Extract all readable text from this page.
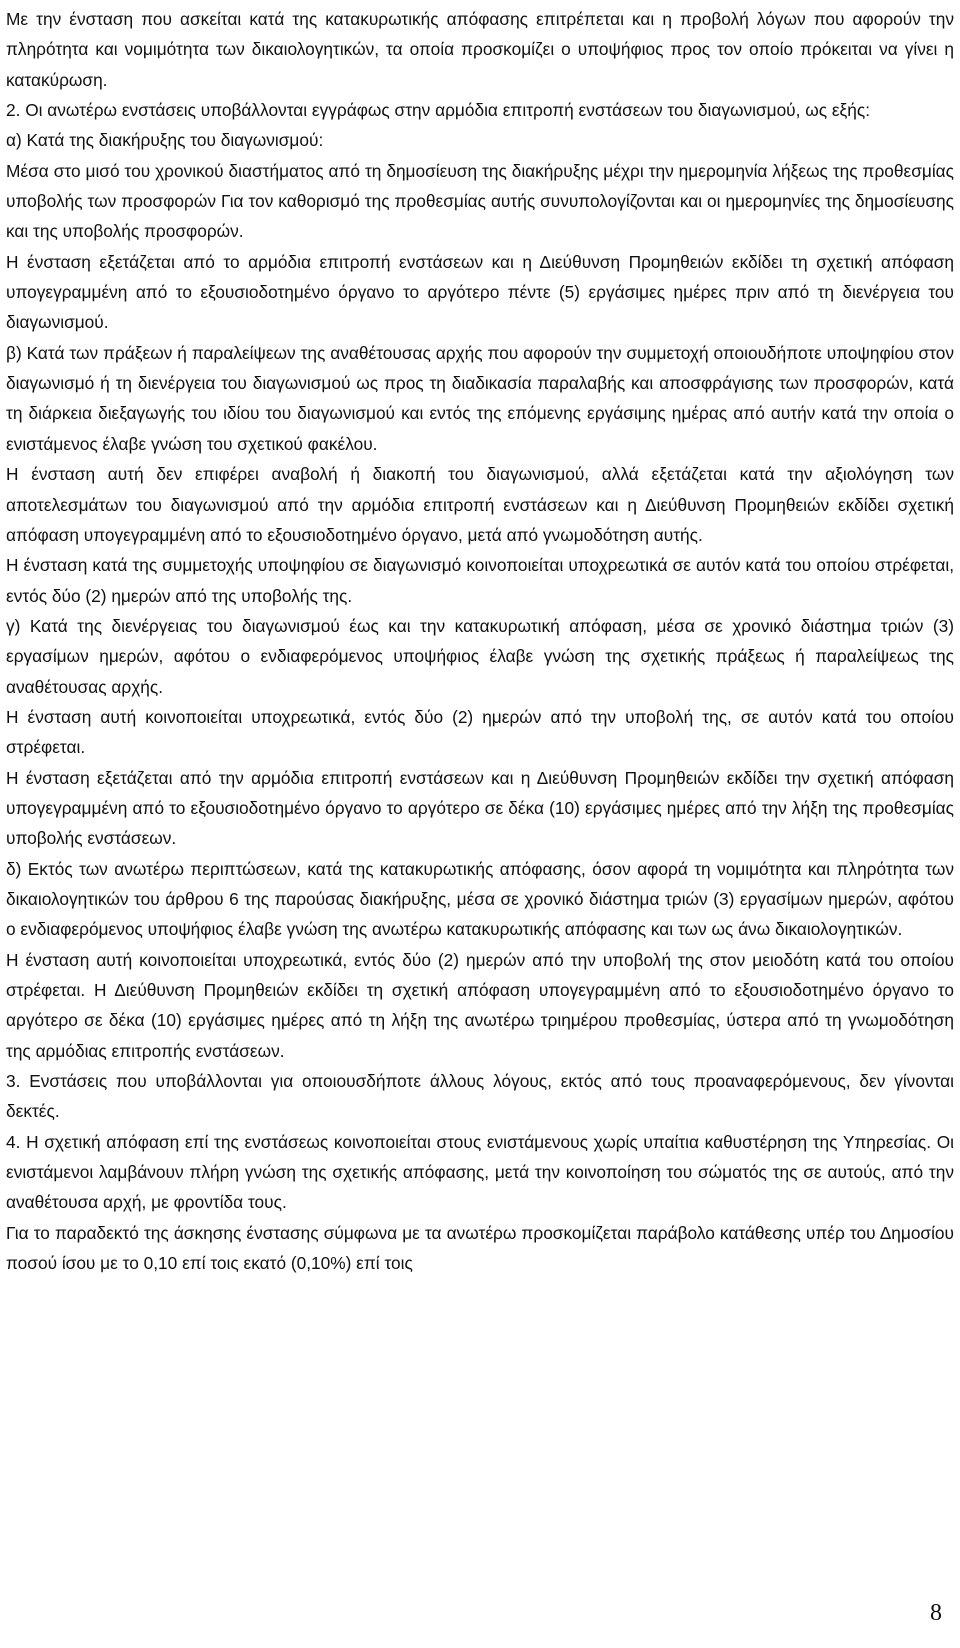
Με την ένσταση που ασκείται κατά της κατακυρωτικής απόφασης επιτρέπεται και η προβολή λόγων που αφορούν την πληρότητα και νομιμότητα των δικαιολογητικών, τα οποία προσκομίζει ο υποψήφιος προς τον οποίο πρόκειται να γίνει η κατακύρωση.

2. Οι ανωτέρω ενστάσεις υποβάλλονται εγγράφως στην αρμόδια επιτροπή ενστάσεων του διαγωνισμού, ως εξής:

α) Κατά της διακήρυξης του διαγωνισμού:

Μέσα στο μισό του χρονικού διαστήματος από τη δημοσίευση της διακήρυξης μέχρι την ημερομηνία λήξεως της προθεσμίας υποβολής των προσφορών Για τον καθορισμό της προθεσμίας αυτής συνυπολογίζονται και οι ημερομηνίες της δημοσίευσης και της υποβολής προσφορών.

Η ένσταση εξετάζεται από το αρμόδια επιτροπή ενστάσεων και η Διεύθυνση Προμηθειών εκδίδει τη σχετική απόφαση υπογεγραμμένη από το εξουσιοδοτημένο όργανο το αργότερο πέντε (5) εργάσιμες ημέρες πριν από τη διενέργεια του διαγωνισμού.

β) Κατά των πράξεων ή παραλείψεων της αναθέτουσας αρχής που αφορούν την συμμετοχή οποιουδήποτε υποψηφίου στον διαγωνισμό ή τη διενέργεια του διαγωνισμού ως προς τη διαδικασία παραλαβής και αποσφράγισης των προσφορών, κατά τη διάρκεια διεξαγωγής του ιδίου του διαγωνισμού και εντός της επόμενης εργάσιμης ημέρας από αυτήν κατά την οποία ο ενιστάμενος έλαβε γνώση του σχετικού φακέλου.

Η ένσταση αυτή δεν επιφέρει αναβολή ή διακοπή του διαγωνισμού, αλλά εξετάζεται κατά την αξιολόγηση των αποτελεσμάτων του διαγωνισμού από την αρμόδια επιτροπή ενστάσεων και η Διεύθυνση Προμηθειών εκδίδει σχετική απόφαση υπογεγραμμένη από το εξουσιοδοτημένο όργανο, μετά από γνωμοδότηση αυτής.

Η ένσταση κατά της συμμετοχής υποψηφίου σε διαγωνισμό κοινοποιείται υποχρεωτικά σε αυτόν κατά του οποίου στρέφεται, εντός δύο (2) ημερών από της υποβολής της.

γ) Κατά της διενέργειας του διαγωνισμού έως και την κατακυρωτική απόφαση, μέσα σε χρονικό διάστημα τριών (3) εργασίμων ημερών, αφότου ο ενδιαφερόμενος υποψήφιος έλαβε γνώση της σχετικής πράξεως ή παραλείψεως της αναθέτουσας αρχής.

Η ένσταση αυτή κοινοποιείται υποχρεωτικά, εντός δύο (2) ημερών από την υποβολή της, σε αυτόν κατά του οποίου στρέφεται.

Η ένσταση εξετάζεται από την αρμόδια επιτροπή ενστάσεων και η Διεύθυνση Προμηθειών εκδίδει την σχετική απόφαση υπογεγραμμένη από το εξουσιοδοτημένο όργανο το αργότερο σε δέκα (10) εργάσιμες ημέρες από την λήξη της προθεσμίας υποβολής ενστάσεων.

δ) Εκτός των ανωτέρω περιπτώσεων, κατά της κατακυρωτικής απόφασης, όσον αφορά τη νομιμότητα και πληρότητα των δικαιολογητικών του άρθρου 6 της παρούσας διακήρυξης, μέσα σε χρονικό διάστημα τριών (3) εργασίμων ημερών, αφότου ο ενδιαφερόμενος υποψήφιος έλαβε γνώση της ανωτέρω κατακυρωτικής απόφασης και των ως άνω δικαιολογητικών.

Η ένσταση αυτή κοινοποιείται υποχρεωτικά, εντός δύο (2) ημερών από την υποβολή της στον μειοδότη κατά του οποίου στρέφεται. Η Διεύθυνση Προμηθειών εκδίδει τη σχετική απόφαση υπογεγραμμένη από το εξουσιοδοτημένο όργανο το αργότερο σε δέκα (10) εργάσιμες ημέρες από τη λήξη της ανωτέρω τριημέρου προθεσμίας, ύστερα από τη γνωμοδότηση της αρμόδιας επιτροπής ενστάσεων.

3. Ενστάσεις που υποβάλλονται για οποιουσδήποτε άλλους λόγους, εκτός από τους προαναφερόμενους, δεν γίνονται δεκτές.

4. Η σχετική απόφαση επί της ενστάσεως κοινοποιείται στους ενιστάμενους χωρίς υπαίτια καθυστέρηση της Υπηρεσίας. Οι ενιστάμενοι λαμβάνουν πλήρη γνώση της σχετικής απόφασης, μετά την κοινοποίηση του σώματός της σε αυτούς, από την αναθέτουσα αρχή, με φροντίδα τους.

Για το παραδεκτό της άσκησης ένστασης σύμφωνα με τα ανωτέρω προσκομίζεται παράβολο κατάθεσης υπέρ του Δημοσίου ποσού ίσου με το 0,10 επί τοις εκατό (0,10%) επί τοις

8
